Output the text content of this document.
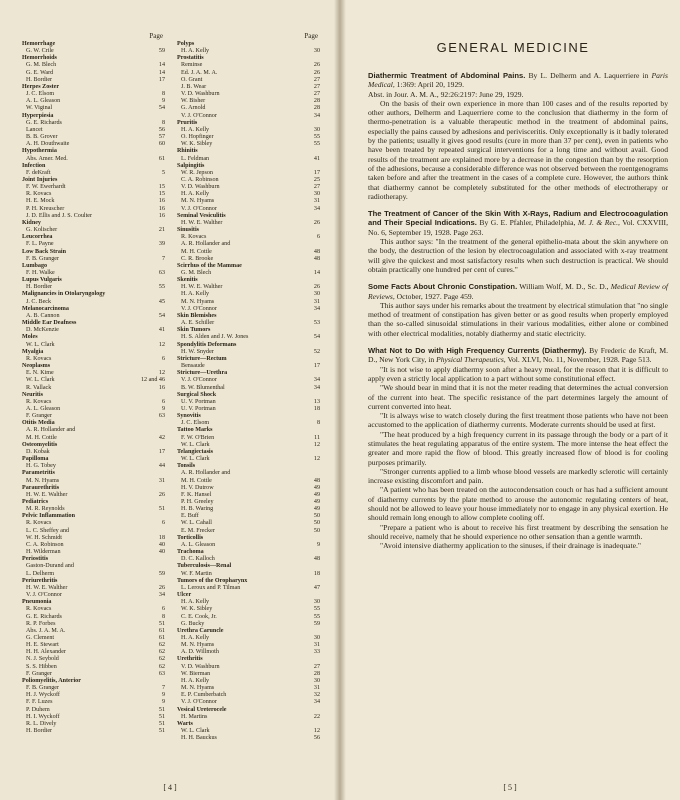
Page
Hemorrhage
G. W. Crile	59
Hemorrhoids
G. M. Blech	14
G. E. Ward	14
H. Bordier	17
Herpes Zoster
J. C. Elsom	8
A. L. Gleason	9
W. Viginal	54
Hyperpiesia
G. E. Richards	8
Lancet	56
B. B. Grover	57
A. H. Douthwaite	60
Hypothermia
Abs. Amer. Med.	61
Infection
F. deKraft	5
Joint Injuries
F. W. Ewerhardt	15
R. Kovacs	15
H. E. Mock	16
P. H. Kreuscher	16
J. D. Ellis and J. S. Coulter	16
Kidney
G. Kolischer	21
Leucorrhea
F. L. Payne	39
Low Back Strain
F. B. Granger	7
Lumbago
F. H. Walke	63
Lupus Vulgaris
H. Bordier	55
Malignancies in Otolaryngology
J. C. Beck	45
Melanocarcinoma
A. B. Cannon	54
Middle Ear Deafness
D. McKenzie	41
Moles
W. L. Clark	12
Myalgia
R. Kovacs	6
Neoplasms
E. N. Kime	12
W. L. Clark	12 and 46
R. Vallack	16
Neuritis
R. Kovacs	6
A. L. Gleason	9
F. Granger	63
Otitis Media
A. R. Hollander and
M. H. Cottle	42
Osteomyelitis
D. Kobak	17
Papilloma
H. G. Tobey	44
Parametritis
M. N. Hyams	31
Paraurethritis
H. W. E. Walther	26
Pediatrics
M. R. Reynolds	51
Pelvic Inflammation
R. Kovacs	6
L. C. Sheffey and
W. H. Schmidt	18
C. A. Robinson	40
H. Wilderman	40
Periostitis
Gaston-Durand and
L. Delherm	59
Periurethritis
H. W. E. Walther	26
V. J. O'Connor	34
Pneumonia
R. Kovacs	6
G. E. Richards	8
R. P. Forbes	51
Abs. J. A. M. A.	61
G. Clement	61
H. E. Stewart	62
H. H. Alexander	62
N. J. Seybold	62
S. S. Hibben	62
F. Granger	63
Poliomyelitis, Anterior
F. B. Granger	7
H. J. Wyckoff	9
F. F. Luzes	9
P. Duhem	51
H. I. Wyckoff	51
R. L. Dively	51
H. Bordier	51
Page
Polyps
H. A. Kelly	30
Prostatitis
Reminse	26
Ed. J. A. M. A.	26
O. Grant	27
J. B. Wear	27
V. D. Washburn	27
W. Bisher	28
G. Arnold	28
V. J. O'Connor	34
Pruritis
H. A. Kelly	30
O. Hopfinger	55
W. K. Sibley	55
Rhinitis
L. Feldman	41
Salpingitis
W. R. Jepson	17
C. A. Robinson	25
V. D. Washburn	27
H. A. Kelly	30
M. N. Hyams	31
V. J. O'Connor	34
Seminal Vesiculitis
H. W. E. Walther	26
Sinusitis
R. Kovacs	6
A. R. Hollander and
M. H. Cottle	48
C. R. Brooke	48
Scirrhus of the Mammae
G. M. Blech	14
Skenitis
H. W. E. Walther	26
H. A. Kelly	30
M. N. Hyams	31
V. J. O'Connor	34
Skin Blemishes
A. E. Schiller	53
Skin Tumors
H. S. Alden and J. W. Jones	54
Spondylitis Deformans
H. W. Snyder	52
Stricture—Rectum
Bensaude	17
Stricture—Urethra
V. J. O'Connor	34
B. W. Blumenthal	34
Surgical Shock
U. V. Portman	13
U. V. Portman	18
Synovitis
J. C. Elsom	8
Tattoo Marks
F. W. O'Brien	11
W. L. Clark	12
Telangiectasis
W. L. Clark	12
Tonsils
A. R. Hollander and
M. H. Cottle	48
H. V. Dutrow	49
F. K. Hansel	49
P. H. Greeley	49
H. B. Waring	49
E. Buff	50
W. L. Cahall	50
E. M. Frecker	50
Torticollis
A. L. Gleason	9
Trachoma
D. C. Kalloch	48
Tuberculosis—Renal
W. F. Martin	18
Tumors of the Oropharynx
L. Leroux and P. Tilman	47
Ulcer
H. A. Kelly	30
W. K. Sibley	55
C. E. Cook, Jr.	55
G. Bucky	59
Urethra Caruncle
H. A. Kelly	30
M. N. Hyams	31
A. D. Willmoth	33
Urethritis
V. D. Washburn	27
W. Bierman	28
H. A. Kelly	30
M. N. Hyams	31
E. P. Cumberbatch	32
V. J. O'Connor	34
Vesical Ureterocele
H. Martins	22
Warts
W. L. Clark	12
H. H. Bauckus	56
[ 4 ]
GENERAL MEDICINE
Diathermic Treatment of Abdominal Pains. By L. Delherm and A. Laquerriere in Paris Medical, 1:369: April 20, 1929.

Abst. in Jour. A. M. A., 92:26:2197: June 29, 1929.

On the basis of their own experience in more than 100 cases and of the results reported by other authors, Delherm and Laquerriere come to the conclusion that diathermy in the form of thermo-penetration is a valuable therapeutic method in the treatment of abdominal pains, especially the pains caused by adhesions and perivisceritis. Only exceptionally is it badly tolerated by the patients; usually it gives good results (cure in more than 37 per cent), even in patients who have been treated by repeated surgical interventions for a long time and without avail. Good results of the treatment are explained more by a decrease in the congestion than by the resorption of the adhesions, because a considerable difference was not observed between the roentgenograms taken before and after the treatment in the cases of a complete cure. However, the authors think that diathermy cannot be completely substituted for the other methods of electrotherapy or radiotherapy.

The Treatment of Cancer of the Skin With X-Rays, Radium and Electrocoagulation and Their Special Indications. By G. E. Pfahler, Philadelphia, M. J. & Rec., Vol. CXXVIII, No. 6, September 19, 1928. Page 263.

This author says: "In the treatment of the general epithelio-mata about the skin anywhere on the body, the destruction of the lesion by electrocoagulation and associated with x-ray treatment will give the quickest and most satisfactory results when such destruction is practical. We should obtain practically one hundred per cent of cures."

Some Facts About Chronic Constipation. William Wolf, M. D., Sc. D., Medical Review of Reviews, October, 1927. Page 459.

This author says under his remarks about the treatment by electrical stimulation that "no single method of treatment of constipation has given better or as good results when properly employed than the so-called sinusoidal stimulations in their various modalities, either alone or combined with other electrical modalities, notably diathermy and static electricity.

What Not to Do with High Frequency Currents (Diathermy). By Frederic de Kraft, M. D., New York City, in Physical Therapeutics, Vol. XLVI, No. 11, November, 1928. Page 513.

"It is not wise to apply diathermy soon after a heavy meal, for the reason that it is difficult to apply even a strictly local application to a part without some constitutional effect.

"We should bear in mind that it is not the meter reading that determines the actual conversion of the current into heat. The specific resistance of the part determines largely the amount of current converted into heat.

"It is always wise to watch closely during the first treatment those patients who have not been accustomed to the application of diathermy currents. Moderate currents should be used at first.

"The heat produced by a high frequency current in its passage through the body or a part of it stimulates the heat regulating apparatus of the entire system. The more intense the heat effect the greater and more rapid the flow of blood. This greatly increased flow of blood is for cooling purposes primarily.

"Stronger currents applied to a limb whose blood vessels are markedly sclerotic will certainly increase existing discomfort and pain.

"A patient who has been treated on the autocondensation couch or has had a sufficient amount of diathermy currents by the plate method to arouse the autonomic regulating centers of heat, should not be allowed to leave your house immediately nor to engage in any physical exertion. He should remain long enough to allow complete cooling off.

"Prepare a patient who is about to receive his first treatment by describing the sensation he should receive, namely that he should experience no other sensation than a gentle warmth.

"Avoid intensive diathermy application to the sinuses, if their drainage is inadequate."

[ 5 ]
